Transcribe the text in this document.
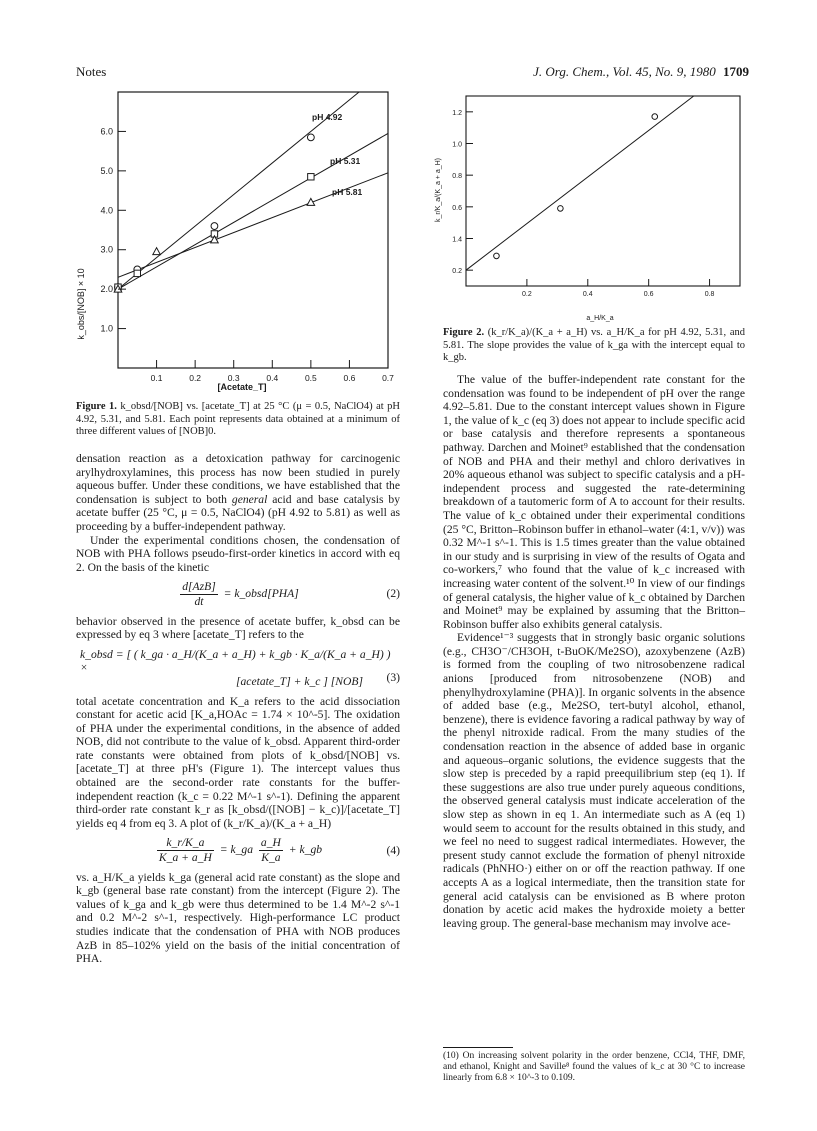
Notes	J. Org. Chem., Vol. 45, No. 9, 1980 1709
1.0
2.0
3.0
4.0
5.0
6.0
0.1	0.2	0.3	0.4	0.5	0.6	0.7
k_obs/[NOB] × 10
[Acetate_T]
pH 4.92
pH 5.31
pH 5.81
Figure 1. k_obsd/[NOB] vs. [acetate_T] at 25 °C (μ = 0.5, NaClO4) at pH 4.92, 5.31, and 5.81. Each point represents data obtained at a minimum of three different values of [NOB]0.
0.2
1.4
0.6
0.8
1.0
1.2
0.2	0.4	0.6	0.8
k_r/K_a/(K_a + a_H)
a_H/K_a
Figure 2. (k_r/K_a)/(K_a + a_H) vs. a_H/K_a for pH 4.92, 5.31, and 5.81. The slope provides the value of k_ga with the intercept equal to k_gb.

densation reaction as a detoxication pathway for carcinogenic arylhydroxylamines, this process has now been studied in purely aqueous buffer. Under these conditions, we have established that the condensation is subject to both general acid and base catalysis by acetate buffer (25 °C, μ = 0.5, NaClO4) (pH 4.92 to 5.81) as well as proceeding by a buffer-independent pathway.

Under the experimental conditions chosen, the condensation of NOB with PHA follows pseudo-first-order kinetics in accord with eq 2. On the basis of the kinetic

$\frac{\text{d[AzB]}}{dt}$ = k_obsd[PHA]	(2)

behavior observed in the presence of acetate buffer, k_obsd can be expressed by eq 3 where [acetate_T] refers to the

k_obsd = [ ( k_ga · a_H/(K_a + a_H) + k_gb · K_a/(K_a + a_H) ) ×
[acetate_T] + k_c ] [NOB]	(3)

total acetate concentration and K_a refers to the acid dissociation constant for acetic acid [K_a,HOAc = 1.74 × 10^-5]. The oxidation of PHA under the experimental conditions, in the absence of added NOB, did not contribute to the value of k_obsd. Apparent third-order rate constants were obtained from plots of k_obsd/[NOB] vs. [acetate_T] at three pH's (Figure 1). The intercept values thus obtained are the second-order rate constants for the buffer-independent reaction (k_c = 0.22 M^-1 s^-1). Defining the apparent third-order rate constant k_r as [k_obsd/([NOB] − k_c)]/[acetate_T] yields eq 4 from eq 3. A plot of (k_r/K_a)/(K_a + a_H)

$\frac{k\_r/K\_a}{K\_a + a\_H}$ = k_ga $\frac{a\_H}{K\_a}$ + k_gb	(4)

vs. a_H/K_a yields k_ga (general acid rate constant) as the slope and k_gb (general base rate constant) from the intercept (Figure 2). The values of k_ga and k_gb were thus determined to be 1.4 M^-2 s^-1 and 0.2 M^-2 s^-1, respectively. High-performance LC product studies indicate that the condensation of PHA with NOB produces AzB in 85–102% yield on the basis of the initial concentration of PHA.

The value of the buffer-independent rate constant for the condensation was found to be independent of pH over the range 4.92–5.81. Due to the constant intercept values shown in Figure 1, the value of k_c (eq 3) does not appear to include specific acid or base catalysis and therefore represents a spontaneous pathway. Darchen and Moinet⁹ established that the condensation of NOB and PHA and their methyl and chloro derivatives in 20% aqueous ethanol was subject to specific catalysis and a pH-independent process and suggested the rate-determining breakdown of a tautomeric form of A to account for their results. The value of k_c obtained under their experimental conditions (25 °C, Britton–Robinson buffer in ethanol–water (4:1, v/v)) was 0.32 M^-1 s^-1. This is 1.5 times greater than the value obtained in our study and is surprising in view of the results of Ogata and co-workers,⁷ who found that the value of k_c increased with increasing water content of the solvent.¹⁰ In view of our findings of general catalysis, the higher value of k_c obtained by Darchen and Moinet⁹ may be explained by assuming that the Britton–Robinson buffer also exhibits general catalysis.

Evidence¹⁻³ suggests that in strongly basic organic solutions (e.g., CH3O⁻/CH3OH, t-BuOK/Me2SO), azoxybenzene (AzB) is formed from the coupling of two nitrosobenzene radical anions [produced from nitrosobenzene (NOB) and phenylhydroxylamine (PHA)]. In organic solvents in the absence of added base (e.g., Me2SO, tert-butyl alcohol, ethanol, benzene), there is evidence favoring a radical pathway by way of the phenyl nitroxide radical. From the many studies of the condensation reaction in the absence of added base in organic and aqueous–organic solutions, the evidence suggests that the slow step is preceded by a rapid preequilibrium step (eq 1). If these suggestions are also true under purely aqueous conditions, the observed general catalysis must indicate acceleration of the slow step as shown in eq 1. An intermediate such as A (eq 1) would seem to account for the results obtained in this study, and we feel no need to suggest radical intermediates. However, the present study cannot exclude the formation of phenyl nitroxide radicals (PhNHO·) either on or off the reaction pathway. If one accepts A as a logical intermediate, then the transition state for general acid catalysis can be envisioned as B where proton donation by acetic acid makes the hydroxide moiety a better leaving group. The general-base mechanism may involve ace-

(10) On increasing solvent polarity in the order benzene, CCl4, THF, DMF, and ethanol, Knight and Saville⁸ found the values of k_c at 30 °C to increase linearly from 6.8 × 10^-3 to 0.109.
